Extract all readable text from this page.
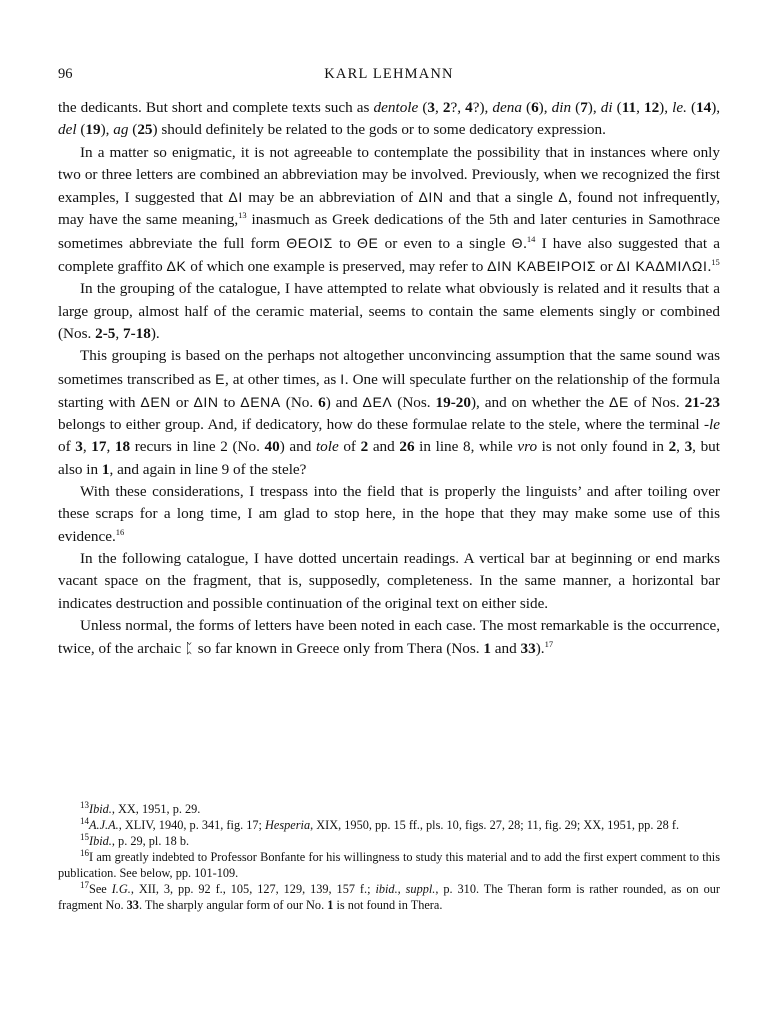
96	KARL LEHMANN

the dedicants. But short and complete texts such as dentole (3, 2?, 4?), dena (6), din (7), di (11, 12), le. (14), del (19), ag (25) should definitely be related to the gods or to some dedicatory expression.

In a matter so enigmatic, it is not agreeable to contemplate the possibility that in instances where only two or three letters are combined an abbreviation may be involved. Previously, when we recognized the first examples, I suggested that ΔΙ may be an abbreviation of ΔΙΝ and that a single Δ, found not infrequently, may have the same meaning,$^{13}$ inasmuch as Greek dedications of the 5th and later centuries in Samothrace sometimes abbreviate the full form ΘΕΟΙΣ to ΘΕ or even to a single Θ.$^{14}$ I have also suggested that a complete graffito ΔΚ of which one example is preserved, may refer to ΔΙΝ ΚΑΒΕΙΡΟΙΣ or ΔΙ ΚΑΔΜΙΛΩΙ.$^{15}$

In the grouping of the catalogue, I have attempted to relate what obviously is related and it results that a large group, almost half of the ceramic material, seems to contain the same elements singly or combined (Nos. 2-5, 7-18).

This grouping is based on the perhaps not altogether unconvincing assumption that the same sound was sometimes transcribed as Ε, at other times, as Ι. One will speculate further on the relationship of the formula starting with ΔΕΝ or ΔΙΝ to ΔΕΝΑ (No. 6) and ΔΕΛ (Nos. 19-20), and on whether the ΔΕ of Nos. 21-23 belongs to either group. And, if dedicatory, how do these formulae relate to the stele, where the terminal -le of 3, 17, 18 recurs in line 2 (No. 40) and tole of 2 and 26 in line 8, while vro is not only found in 2, 3, but also in 1, and again in line 9 of the stele?

With these considerations, I trespass into the field that is properly the linguists’ and after toiling over these scraps for a long time, I am glad to stop here, in the hope that they may make some use of this evidence.$^{16}$

In the following catalogue, I have dotted uncertain readings. A vertical bar at beginning or end marks vacant space on the fragment, that is, supposedly, completeness. In the same manner, a horizontal bar indicates destruction and possible continuation of the original text on either side.

Unless normal, the forms of letters have been noted in each case. The most remarkable is the occurrence, twice, of the archaic ᛈ so far known in Greece only from Thera (Nos. 1 and 33).$^{17}$

$^{13}$Ibid., XX, 1951, p. 29.

$^{14}$A.J.A., XLIV, 1940, p. 341, fig. 17; Hesperia, XIX, 1950, pp. 15 ff., pls. 10, figs. 27, 28; 11, fig. 29; XX, 1951, pp. 28 f.

$^{15}$Ibid., p. 29, pl. 18 b.

$^{16}$I am greatly indebted to Professor Bonfante for his willingness to study this material and to add the first expert comment to this publication. See below, pp. 101-109.

$^{17}$See I.G., XII, 3, pp. 92 f., 105, 127, 129, 139, 157 f.; ibid., suppl., p. 310. The Theran form is rather rounded, as on our fragment No. 33. The sharply angular form of our No. 1 is not found in Thera.
